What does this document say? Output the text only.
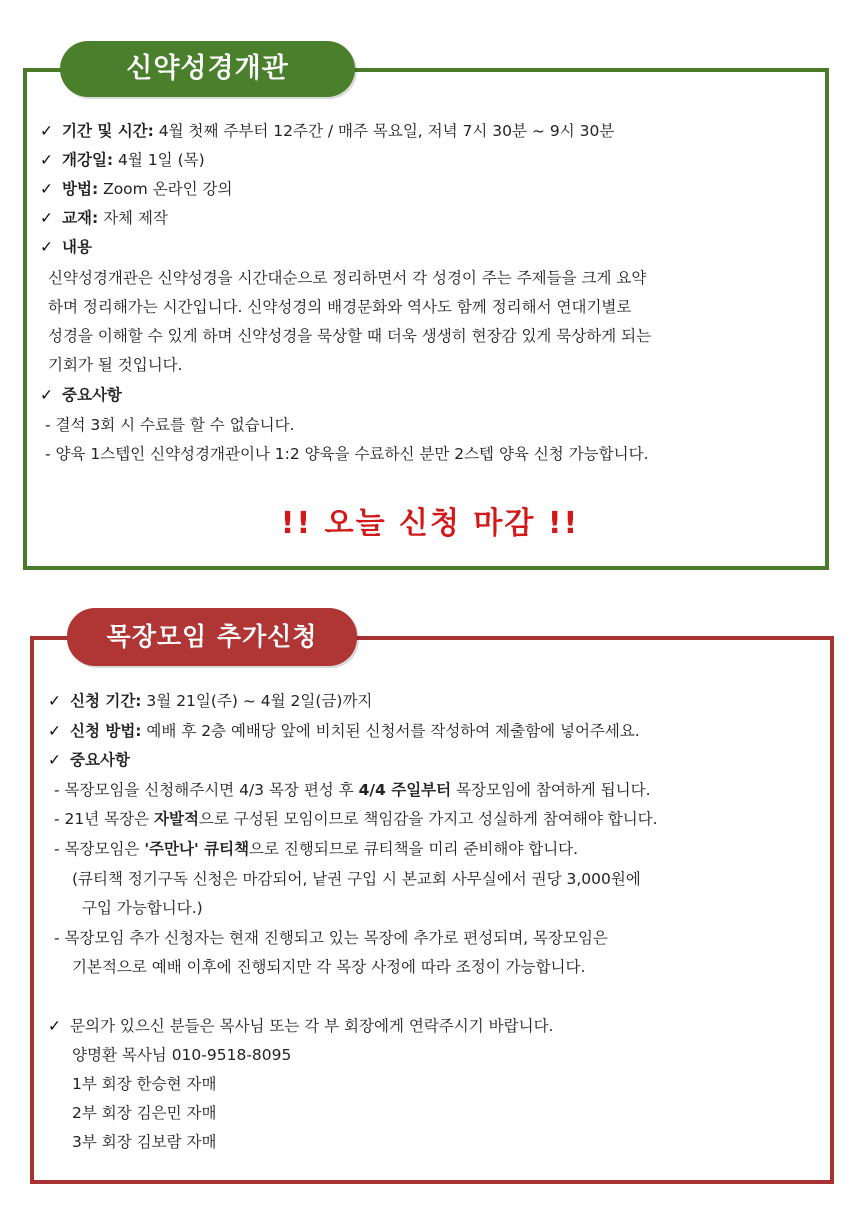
신약성경개관
✓ 기간 및 시간: 4월 첫째 주부터 12주간 / 매주 목요일, 저녁 7시 30분 ~ 9시 30분
✓ 개강일: 4월 1일 (목)
✓ 방법: Zoom 온라인 강의
✓ 교재: 자체 제작
✓ 내용
신약성경개관은 신약성경을 시간대순으로 정리하면서 각 성경이 주는 주제들을 크게 요약
하며 정리해가는 시간입니다. 신약성경의 배경문화와 역사도 함께 정리해서 연대기별로
성경을 이해할 수 있게 하며 신약성경을 묵상할 때 더욱 생생히 현장감 있게 묵상하게 되는
기회가 될 것입니다.
✓ 중요사항
- 결석 3회 시 수료를 할 수 없습니다.
- 양육 1스텝인 신약성경개관이나 1:2 양육을 수료하신 분만 2스텝 양육 신청 가능합니다.
!! 오늘 신청 마감 !!
목장모임 추가신청
✓ 신청 기간: 3월 21일(주) ~ 4월 2일(금)까지
✓ 신청 방법: 예배 후 2층 예배당 앞에 비치된 신청서를 작성하여 제출함에 넣어주세요.
✓ 중요사항
- 목장모임을 신청해주시면 4/3 목장 편성 후 4/4 주일부터 목장모임에 참여하게 됩니다.
- 21년 목장은 자발적으로 구성된 모임이므로 책임감을 가지고 성실하게 참여해야 합니다.
- 목장모임은 '주만나' 큐티책으로 진행되므로 큐티책을 미리 준비해야 합니다.
(큐티책 정기구독 신청은 마감되어, 낱권 구입 시 본교회 사무실에서 권당 3,000원에
구입 가능합니다.)
- 목장모임 추가 신청자는 현재 진행되고 있는 목장에 추가로 편성되며, 목장모임은
기본적으로 예배 이후에 진행되지만 각 목장 사정에 따라 조정이 가능합니다.
✓ 문의가 있으신 분들은 목사님 또는 각 부 회장에게 연락주시기 바랍니다.
양명환 목사님 010-9518-8095
1부 회장 한승현 자매
2부 회장 김은민 자매
3부 회장 김보람 자매
